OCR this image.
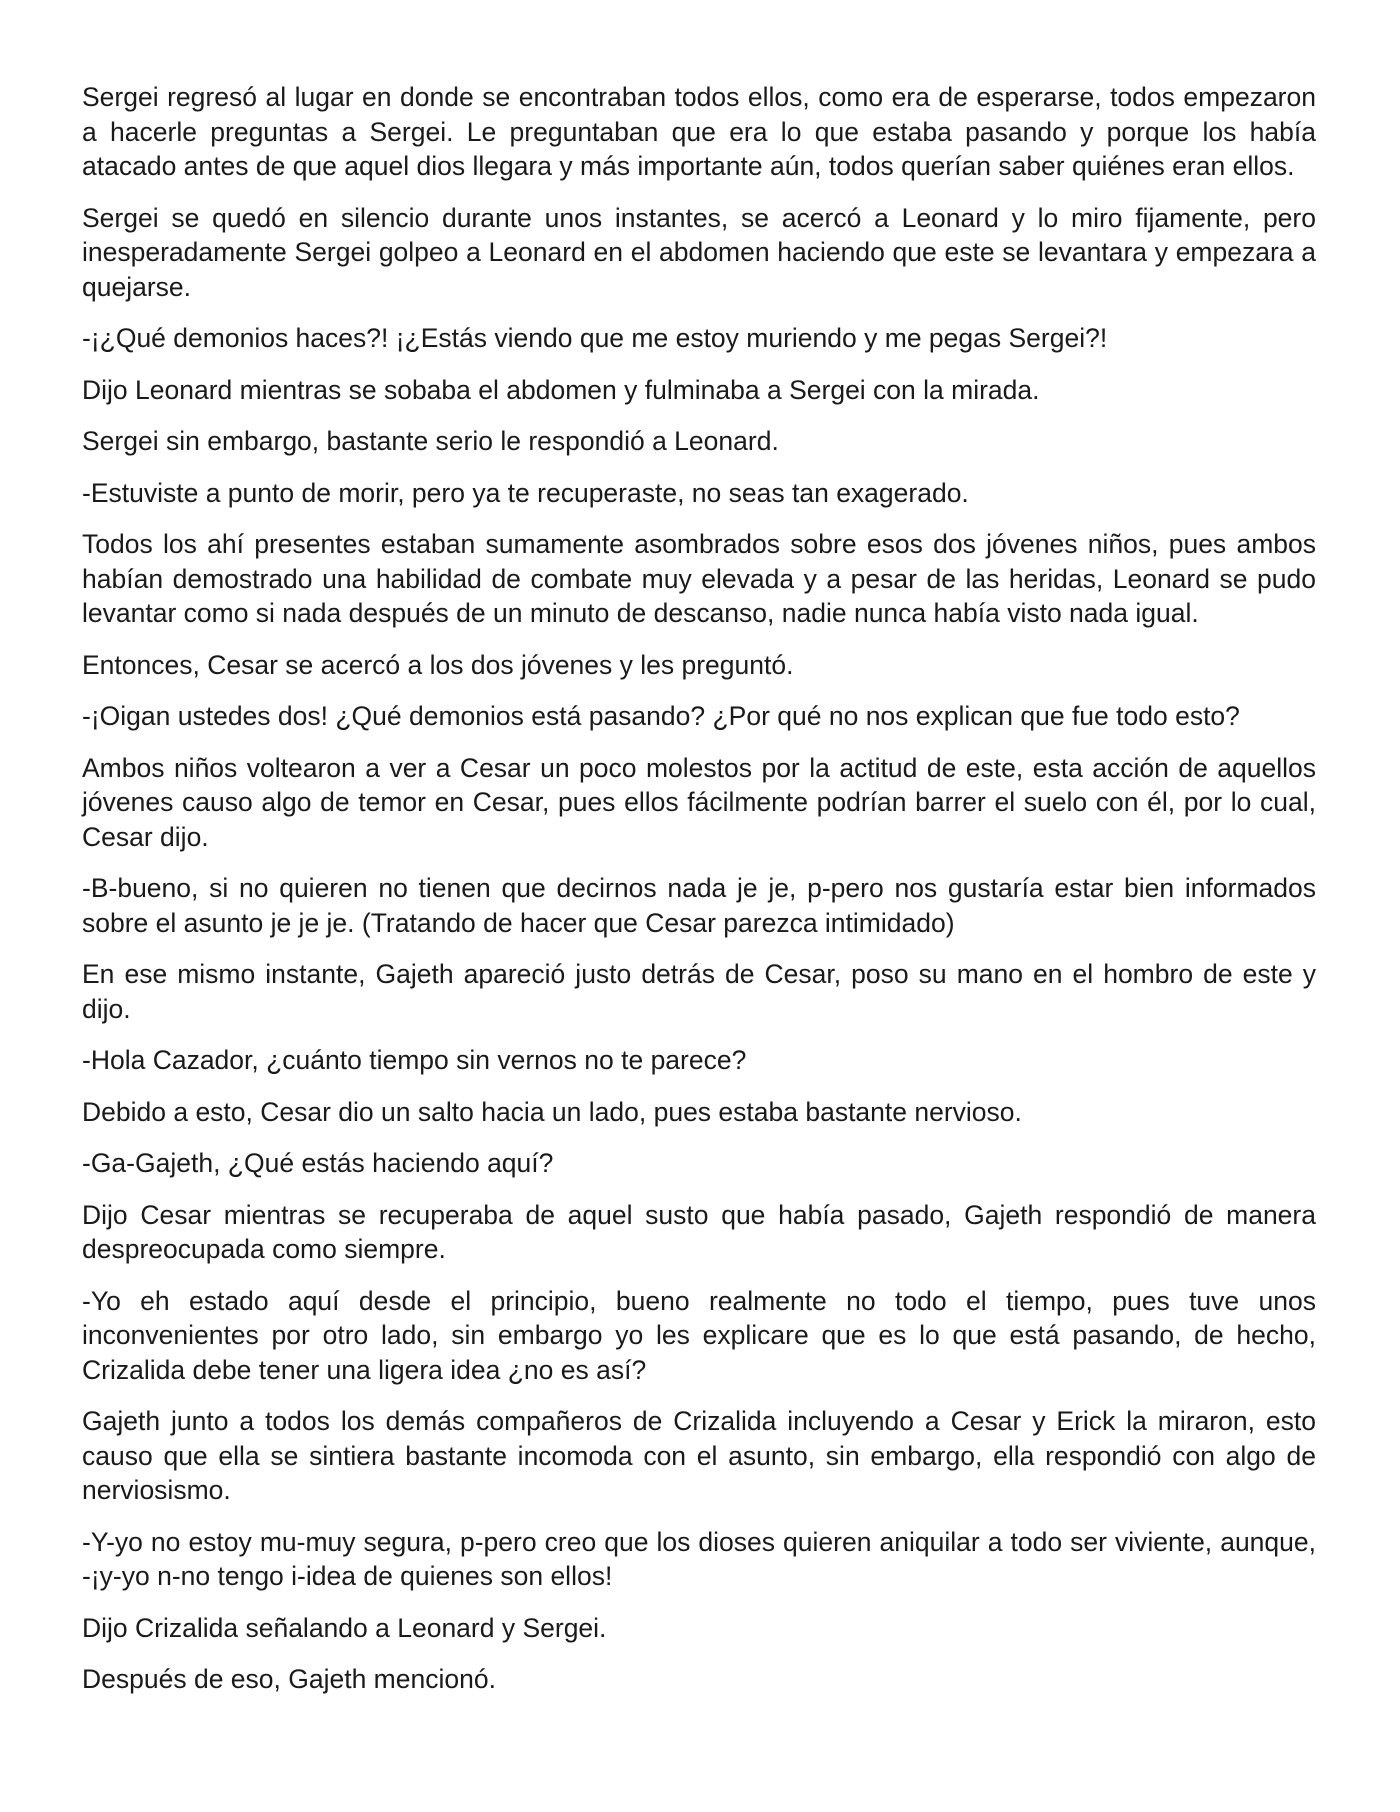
Sergei regresó al lugar en donde se encontraban todos ellos, como era de esperarse, todos empezaron a hacerle preguntas a Sergei. Le preguntaban que era lo que estaba pasando y porque los había atacado antes de que aquel dios llegara y más importante aún, todos querían saber quiénes eran ellos.

Sergei se quedó en silencio durante unos instantes, se acercó a Leonard y lo miro fijamente, pero inesperadamente Sergei golpeo a Leonard en el abdomen haciendo que este se levantara y empezara a quejarse.

-¡¿Qué demonios haces?! ¡¿Estás viendo que me estoy muriendo y me pegas Sergei?!

Dijo Leonard mientras se sobaba el abdomen y fulminaba a Sergei con la mirada.

Sergei sin embargo, bastante serio le respondió a Leonard.

-Estuviste a punto de morir, pero ya te recuperaste, no seas tan exagerado.

Todos los ahí presentes estaban sumamente asombrados sobre esos dos jóvenes niños, pues ambos habían demostrado una habilidad de combate muy elevada y a pesar de las heridas, Leonard se pudo levantar como si nada después de un minuto de descanso, nadie nunca había visto nada igual.

Entonces, Cesar se acercó a los dos jóvenes y les preguntó.

-¡Oigan ustedes dos! ¿Qué demonios está pasando? ¿Por qué no nos explican que fue todo esto?

Ambos niños voltearon a ver a Cesar un poco molestos por la actitud de este, esta acción de aquellos jóvenes causo algo de temor en Cesar, pues ellos fácilmente podrían barrer el suelo con él, por lo cual, Cesar dijo.

-B-bueno, si no quieren no tienen que decirnos nada je je, p-pero nos gustaría estar bien informados sobre el asunto je je je. (Tratando de hacer que Cesar parezca intimidado)

En ese mismo instante, Gajeth apareció justo detrás de Cesar, poso su mano en el hombro de este y dijo.

-Hola Cazador, ¿cuánto tiempo sin vernos no te parece?

Debido a esto, Cesar dio un salto hacia un lado, pues estaba bastante nervioso.

-Ga-Gajeth, ¿Qué estás haciendo aquí?

Dijo Cesar mientras se recuperaba de aquel susto que había pasado, Gajeth respondió de manera despreocupada como siempre.

-Yo eh estado aquí desde el principio, bueno realmente no todo el tiempo, pues tuve unos inconvenientes por otro lado, sin embargo yo les explicare que es lo que está pasando, de hecho, Crizalida debe tener una ligera idea ¿no es así?

Gajeth junto a todos los demás compañeros de Crizalida incluyendo a Cesar y Erick la miraron, esto causo que ella se sintiera bastante incomoda con el asunto, sin embargo, ella respondió con algo de nerviosismo.

-Y-yo no estoy mu-muy segura, p-pero creo que los dioses quieren aniquilar a todo ser viviente, aunque, -¡y-yo n-no tengo i-idea de quienes son ellos!

Dijo Crizalida señalando a Leonard y Sergei.

Después de eso, Gajeth mencionó.
